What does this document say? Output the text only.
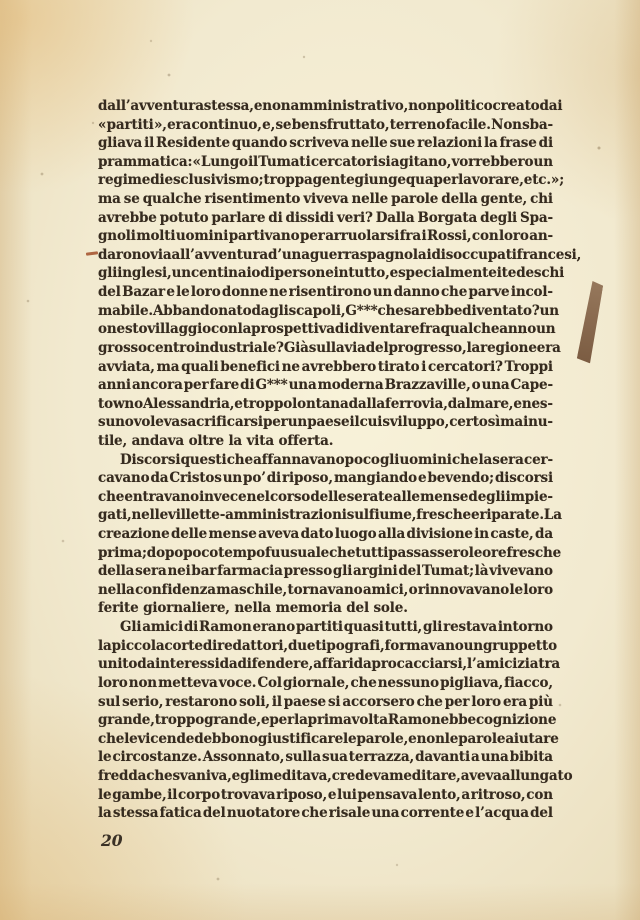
dall’avventura stessa, e non amministrativo, non politico creato dai
« partiti », era continuo, e, se ben sfruttato, terreno facile. Non sba-
gliava il Residente quando scriveva nelle sue relazioni la frase di
prammatica: « Lungo il Tumat i cercatori si agitano, vorrebbero un
regime di esclusivismo; troppa gente giunge qua per lavorare, etc. »;
ma se qualche risentimento viveva nelle parole della gente, chi
avrebbe potuto parlare di dissidi veri? Dalla Borgata degli Spa-
gnoli molti uomini partivano per arruolarsi fra i Rossi, con loro an-
darono via all’avventura d’una guerra spagnola i disoccupati francesi,
gli inglesi, un centinaio di persone in tutto, e specialmente i tedeschi
del Bazar e le loro donne ne risentirono un danno che parve incol-
mabile. Abbandonato dagli scapoli, G*** che sarebbe diventato? un
onesto villaggio con la prospettiva di diventare fra qualche anno un
grosso centro industriale? Già sulla via del progresso, la regione era
avviata, ma quali benefici ne avrebbero tirato i cercatori? Troppi
anni ancora per fare di G*** una moderna Brazzaville, o una Cape-
town o Alessandria, e troppo lontana dalla ferrovia, dal mare, e nes-
suno voleva sacrificarsi per un paese il cui sviluppo, certo sì ma inu-
tile, andava oltre la vita offerta.
Discorsi questi che affannavano poco gli uomini che la sera cer-
cavano da Cristos un po’ di riposo, mangiando e bevendo; discorsi
che entravano invece nel corso delle serate alle mense degli impie-
gati, nelle villette-amministrazioni sul fiume, fresche e riparate. La
creazione delle mense aveva dato luogo alla divisione in caste, da
prima; dopo poco tempo fu usuale che tutti passassero le ore fresche
della sera nei bar farmacia presso gli argini del Tumat; là vivevano
nella confidenza maschile, tornavano amici, o rinnovavano le loro
ferite giornaliere, nella memoria del sole.
Gli amici di Ramon erano partiti quasi tutti, gli restava intorno
la piccola corte di redattori, due tipografi, formavano un gruppetto
unito da interessi da difendere, affari da procacciarsi, l’amicizia tra
loro non metteva voce. Col giornale, che nessuno pigliava, fiacco,
sul serio, restarono soli, il paese si accorsero che per loro era più
grande, troppo grande, e per la prima volta Ramon ebbe cognizione
che le vicende debbono giustificare le parole, e non le parole aiutare
le circostanze. Assonnato, sulla sua terrazza, davanti a una bibita
fredda che svaniva, egli meditava, credeva meditare, aveva allungato
le gambe, il corpo trovava riposo, e lui pensava lento, a ritroso, con
la stessa fatica del nuotatore che risale una corrente e l’acqua del
20
